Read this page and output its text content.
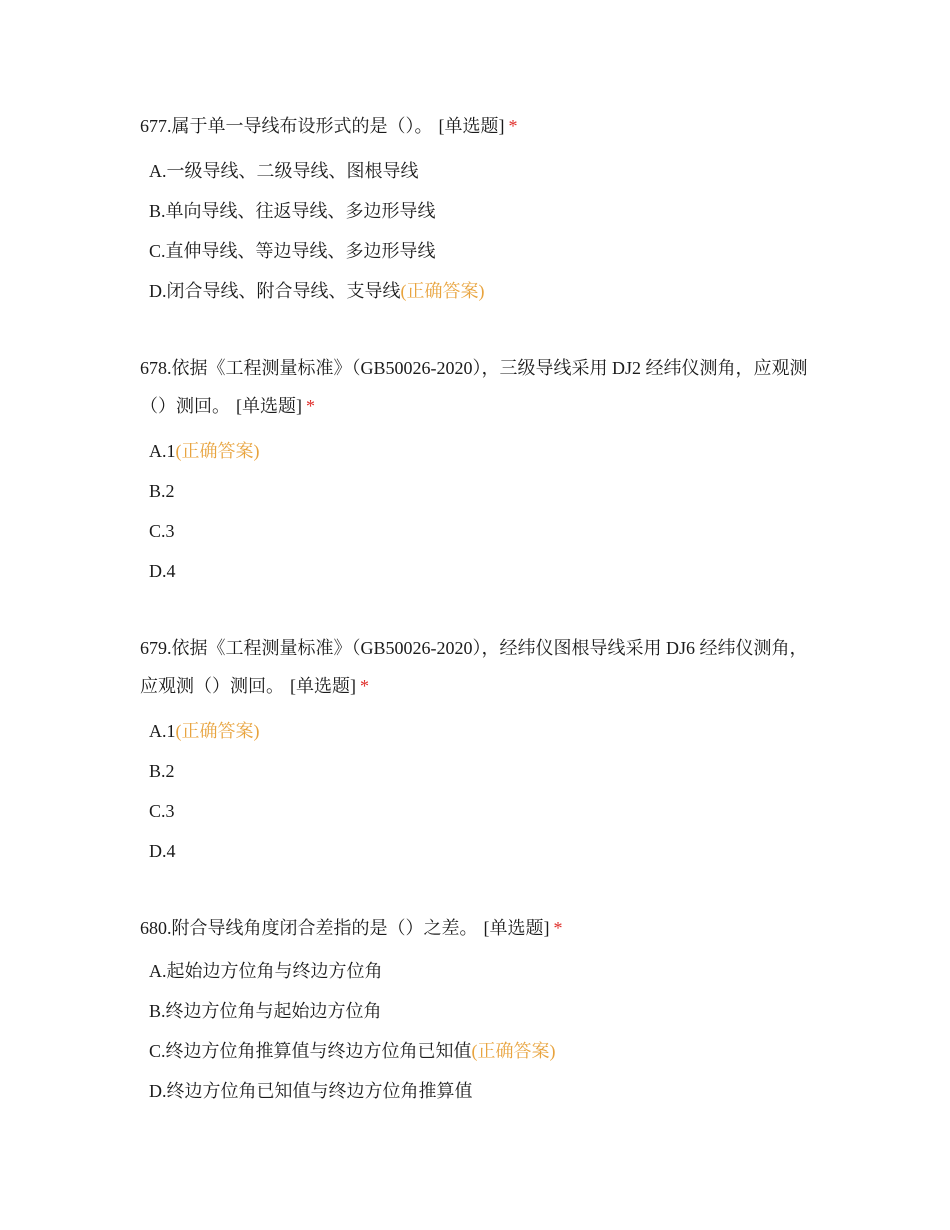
677.属于单一导线布设形式的是（）。 [单选题] *

A.一级导线、二级导线、图根导线
B.单向导线、往返导线、多边形导线
C.直伸导线、等边导线、多边形导线
D.闭合导线、附合导线、支导线(正确答案)

678.依据《工程测量标准》（GB50026-2020），三级导线采用 DJ2 经纬仪测角，应观测（）测回。 [单选题] *

A.1(正确答案)
B.2
C.3
D.4

679.依据《工程测量标准》（GB50026-2020），经纬仪图根导线采用 DJ6 经纬仪测角，应观测（）测回。 [单选题] *

A.1(正确答案)
B.2
C.3
D.4

680.附合导线角度闭合差指的是（）之差。 [单选题] *

A.起始边方位角与终边方位角
B.终边方位角与起始边方位角
C.终边方位角推算值与终边方位角已知值(正确答案)
D.终边方位角已知值与终边方位角推算值
